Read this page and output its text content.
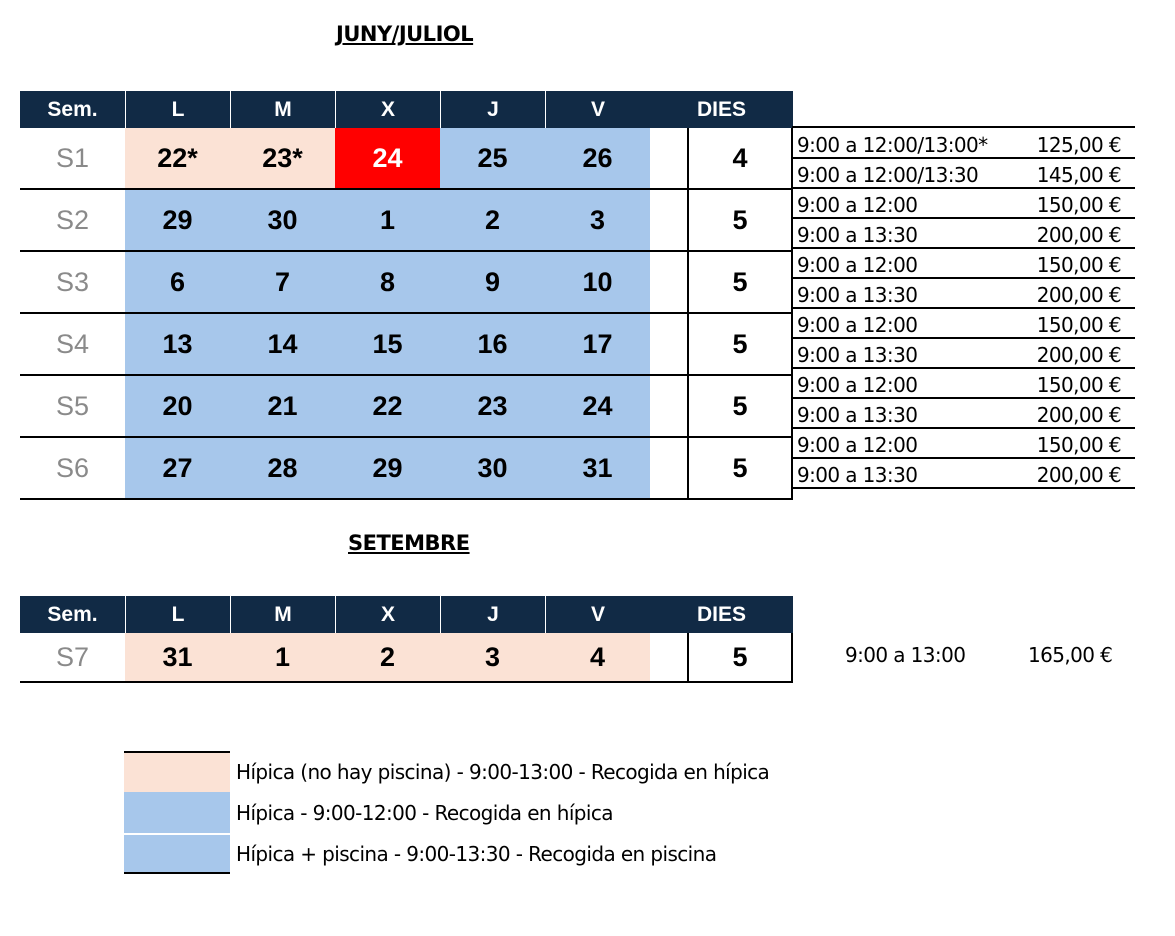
JUNY/JULIOL
SETEMBRE
Sem.	L	M	X	J	V	DIES
S1	22*	23*	24	25	26	4
S2	29	30	1	2	3	5
S3	6	7	8	9	10	5
S4	13	14	15	16	17	5
S5	20	21	22	23	24	5
S6	27	28	29	30	31	5
9:00 a 12:00/13:00* 125,00 €
9:00 a 12:00/13:30	145,00 €
9:00 a 12:00	150,00 €
9:00 a 13:30	200,00 €
9:00 a 12:00	150,00 €
9:00 a 13:30	200,00 €
9:00 a 12:00	150,00 €
9:00 a 13:30	200,00 €
9:00 a 12:00	150,00 €
9:00 a 13:30	200,00 €
9:00 a 12:00	150,00 €
9:00 a 13:30	200,00 €
Sem.	L	M	X	J	V	DIES
S7	31	1	2	3	4	5	9:00 a 13:00	165,00 €
Hípica (no hay piscina) - 9:00-13:00 - Recogida en hípica
Hípica - 9:00-12:00 - Recogida en hípica
Hípica + piscina - 9:00-13:30 - Recogida en piscina
